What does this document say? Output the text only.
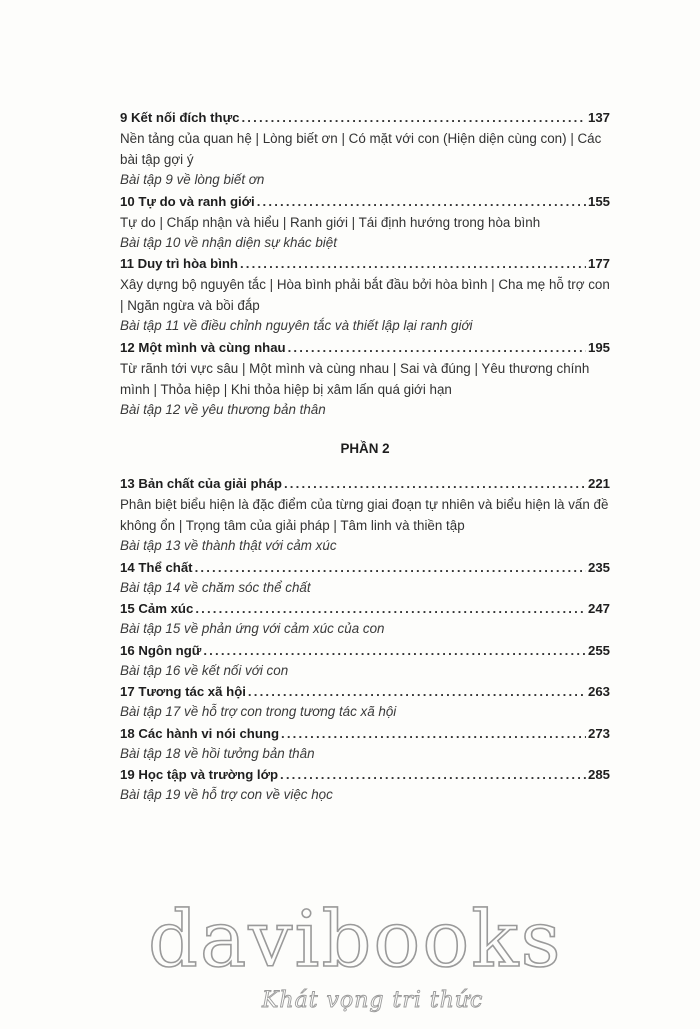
9 Kết nối đích thực . . .	137
Nền tảng của quan hệ | Lòng biết ơn | Có mặt với con (Hiện diện cùng con) | Các bài tập gợi ý
Bài tập 9 về lòng biết ơn
10 Tự do và ranh giới . . .	155
Tự do | Chấp nhận và hiểu | Ranh giới | Tái định hướng trong hòa bình
Bài tập 10 về nhận diện sự khác biệt
11 Duy trì hòa bình . . .	177
Xây dựng bộ nguyên tắc | Hòa bình phải bắt đầu bởi hòa bình | Cha mẹ hỗ trợ con | Ngăn ngừa và bồi đắp
Bài tập 11 về điều chỉnh nguyên tắc và thiết lập lại ranh giới
12 Một mình và cùng nhau . . .	195
Từ rãnh tới vực sâu | Một mình và cùng nhau | Sai và đúng | Yêu thương chính mình | Thỏa hiệp | Khi thỏa hiệp bị xâm lấn quá giới hạn
Bài tập 12 về yêu thương bản thân
PHẦN 2
13 Bản chất của giải pháp . . .	221
Phân biệt biểu hiện là đặc điểm của từng giai đoạn tự nhiên và biểu hiện là vấn đề không ổn | Trọng tâm của giải pháp | Tâm linh và thiền tập
Bài tập 13 về thành thật với cảm xúc
14 Thể chất . . .	235
Bài tập 14 về chăm sóc thể chất
15 Cảm xúc . . .	247
Bài tập 15 về phản ứng với cảm xúc của con
16 Ngôn ngữ . . .	255
Bài tập 16 về kết nối với con
17 Tương tác xã hội . . .	263
Bài tập 17 về hỗ trợ con trong tương tác xã hội
18 Các hành vi nói chung . . .	273
Bài tập 18 về hồi tưởng bản thân
19 Học tập và trường lớp . . .	285
Bài tập 19 về hỗ trợ con về việc học
davibooks
Khát vọng tri thức
